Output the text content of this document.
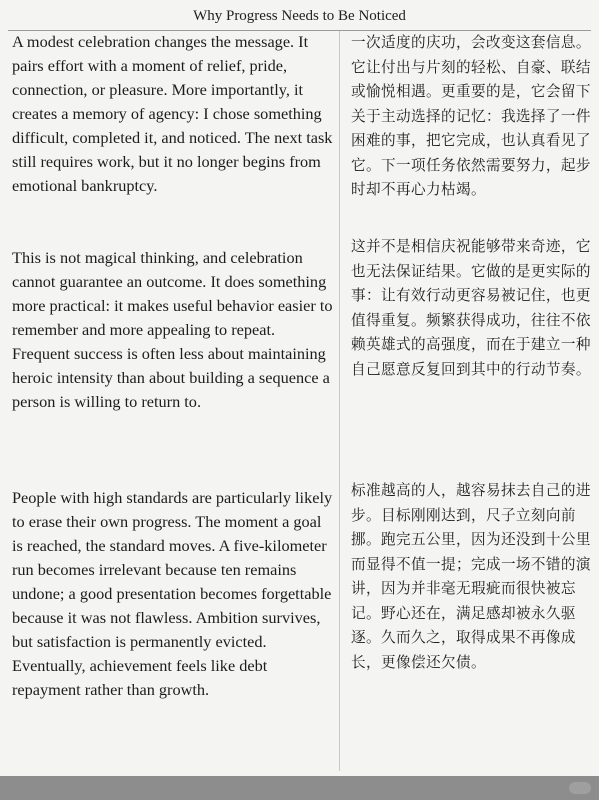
Why Progress Needs to Be Noticed

A modest celebration changes the message. It pairs effort with a moment of relief, pride, connection, or pleasure. More importantly, it creates a memory of agency: I chose something difficult, completed it, and noticed. The next task still requires work, but it no longer begins from emotional bankruptcy.

This is not magical thinking, and celebration cannot guarantee an outcome. It does something more practical: it makes useful behavior easier to remember and more appealing to repeat. Frequent success is often less about maintaining heroic intensity than about building a sequence a person is willing to return to.

People with high standards are particularly likely to erase their own progress. The moment a goal is reached, the standard moves. A five-kilometer run becomes irrelevant because ten remains undone; a good presentation becomes forgettable because it was not flawless. Ambition survives, but satisfaction is permanently evicted. Eventually, achievement feels like debt repayment rather than growth.

一次适度的庆功，会改变这套信息。它让付出与片刻的轻松、自豪、联结或愉悦相遇。更重要的是，它会留下关于主动选择的记忆：我选择了一件困难的事，把它完成，也认真看见了它。下一项任务依然需要努力，起步时却不再心力枯竭。

这并不是相信庆祝能够带来奇迹，它也无法保证结果。它做的是更实际的事：让有效行动更容易被记住，也更值得重复。频繁获得成功，往往不依赖英雄式的高强度，而在于建立一种自己愿意反复回到其中的行动节奏。

标准越高的人，越容易抹去自己的进步。目标刚刚达到，尺子立刻向前挪。跑完五公里，因为还没到十公里而显得不值一提；完成一场不错的演讲，因为并非毫无瑕疵而很快被忘记。野心还在，满足感却被永久驱逐。久而久之，取得成果不再像成长，更像偿还欠债。
